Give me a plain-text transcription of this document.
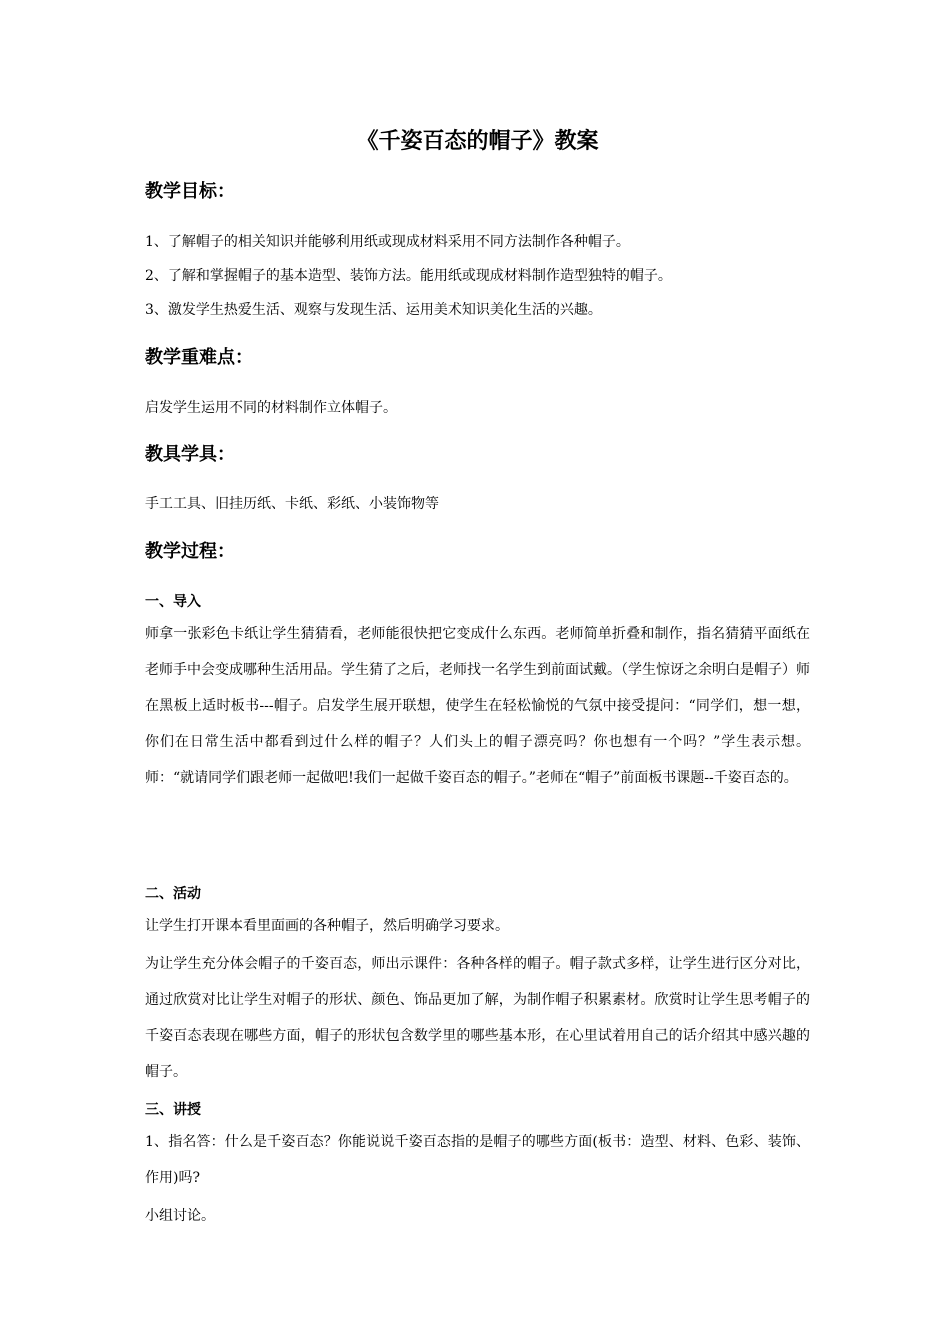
《千姿百态的帽子》教案
教学目标：

1、了解帽子的相关知识并能够利用纸或现成材料采用不同方法制作各种帽子。

2、了解和掌握帽子的基本造型、装饰方法。能用纸或现成材料制作造型独特的帽子。

3、激发学生热爱生活、观察与发现生活、运用美术知识美化生活的兴趣。

教学重难点：

启发学生运用不同的材料制作立体帽子。

教具学具：

手工工具、旧挂历纸、卡纸、彩纸、小装饰物等

教学过程：
一、导入

师拿一张彩色卡纸让学生猜猜看，老师能很快把它变成什么东西。老师简单折叠和制作，指名猜猜平面纸在老师手中会变成哪种生活用品。学生猜了之后，老师找一名学生到前面试戴。（学生惊讶之余明白是帽子）师在黑板上适时板书---帽子。启发学生展开联想，使学生在轻松愉悦的气氛中接受提问：“同学们，想一想，你们在日常生活中都看到过什么样的帽子？人们头上的帽子漂亮吗？你也想有一个吗？”学生表示想。师：“就请同学们跟老师一起做吧!我们一起做千姿百态的帽子。”老师在“帽子”前面板书课题--千姿百态的。

二、活动

让学生打开课本看里面画的各种帽子，然后明确学习要求。

为让学生充分体会帽子的千姿百态，师出示课件：各种各样的帽子。帽子款式多样，让学生进行区分对比，通过欣赏对比让学生对帽子的形状、颜色、饰品更加了解，为制作帽子积累素材。欣赏时让学生思考帽子的千姿百态表现在哪些方面，帽子的形状包含数学里的哪些基本形，在心里试着用自己的话介绍其中感兴趣的帽子。

三、讲授

1、指名答：什么是千姿百态？你能说说千姿百态指的是帽子的哪些方面(板书：造型、材料、色彩、装饰、作用)吗?

小组讨论。
